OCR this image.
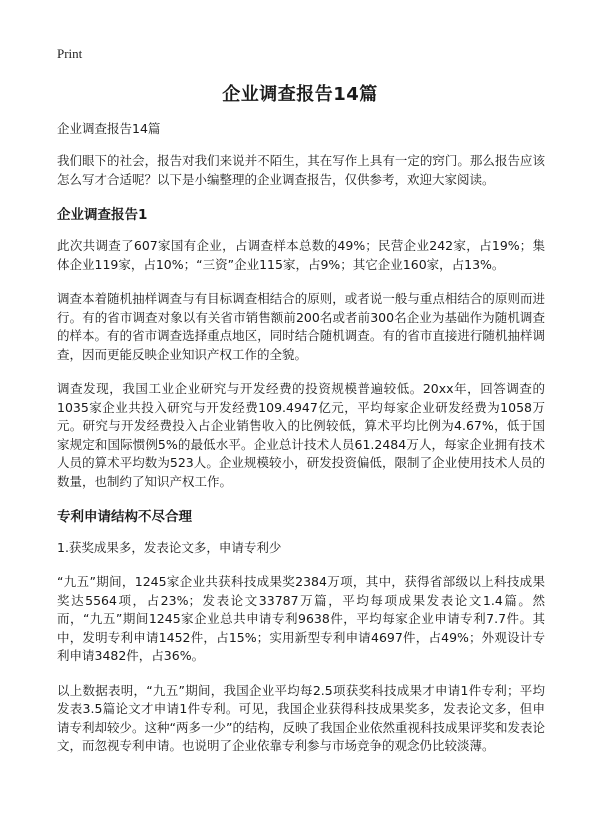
Print
企业调查报告14篇

企业调查报告14篇

我们眼下的社会，报告对我们来说并不陌生，其在写作上具有一定的窍门。那么报告应该怎么写才合适呢？以下是小编整理的企业调查报告，仅供参考，欢迎大家阅读。

企业调查报告1

此次共调查了607家国有企业，占调查样本总数的49%；民营企业242家，占19%；集体企业119家，占10%；“三资”企业115家，占9%；其它企业160家，占13%。

调查本着随机抽样调查与有目标调查相结合的原则，或者说一般与重点相结合的原则而进行。有的省市调查对象以有关省市销售额前200名或者前300名企业为基础作为随机调查的样本。有的省市调查选择重点地区，同时结合随机调查。有的省市直接进行随机抽样调查，因而更能反映企业知识产权工作的全貌。

调查发现，我国工业企业研究与开发经费的投资规模普遍较低。20xx年，回答调查的1035家企业共投入研究与开发经费109.4947亿元，平均每家企业研发经费为1058万元。研究与开发经费投入占企业销售收入的比例较低，算术平均比例为4.67%，低于国家规定和国际惯例5%的最低水平。企业总计技术人员61.2484万人，每家企业拥有技术人员的算术平均数为523人。企业规模较小，研发投资偏低，限制了企业使用技术人员的数量，也制约了知识产权工作。

专利申请结构不尽合理

1.获奖成果多，发表论文多，申请专利少

“九五”期间，1245家企业共获科技成果奖2384万项，其中，获得省部级以上科技成果奖达5564项，占23%；发表论文33787万篇，平均每项成果发表论文1.4篇。然而，“九五”期间1245家企业总共申请专利9638件，平均每家企业申请专利7.7件。其中，发明专利申请1452件，占15%；实用新型专利申请4697件，占49%；外观设计专利申请3482件，占36%。

以上数据表明，“九五”期间，我国企业平均每2.5项获奖科技成果才申请1件专利；平均发表3.5篇论文才申请1件专利。可见，我国企业获得科技成果奖多，发表论文多，但申请专利却较少。这种“两多一少”的结构，反映了我国企业依然重视科技成果评奖和发表论文，而忽视专利申请。也说明了企业依靠专利参与市场竞争的观念仍比较淡薄。
